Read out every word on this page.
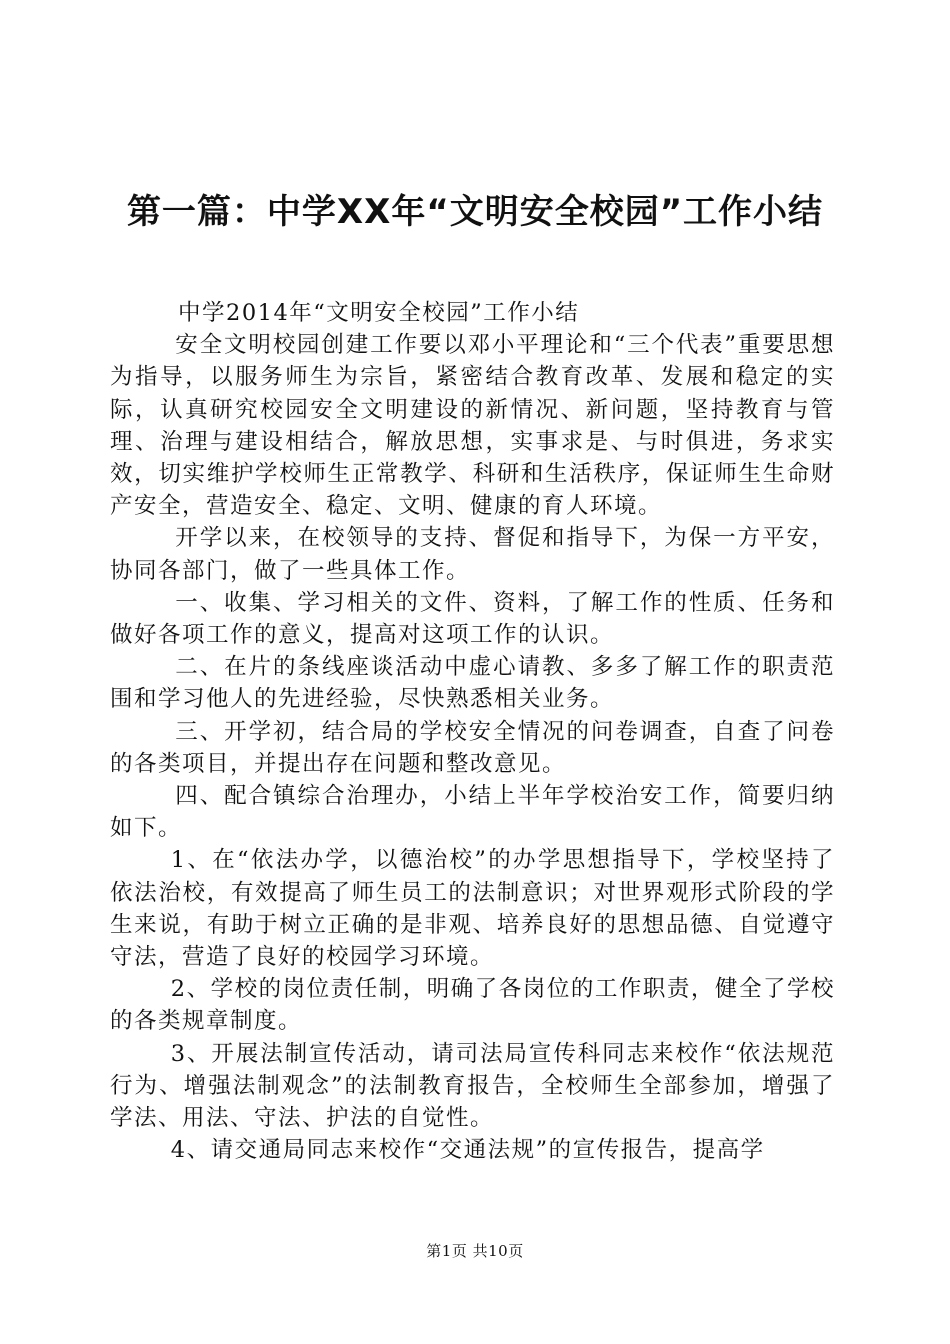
第一篇：中学XX年“文明安全校园”工作小结

中学2014年“文明安全校园”工作小结

安全文明校园创建工作要以邓小平理论和“三个代表”重要思想为指导，以服务师生为宗旨，紧密结合教育改革、发展和稳定的实际，认真研究校园安全文明建设的新情况、新问题，坚持教育与管理、治理与建设相结合，解放思想，实事求是、与时俱进，务求实效，切实维护学校师生正常教学、科研和生活秩序，保证师生生命财产安全，营造安全、稳定、文明、健康的育人环境。

开学以来，在校领导的支持、督促和指导下，为保一方平安，协同各部门，做了一些具体工作。

一、收集、学习相关的文件、资料，了解工作的性质、任务和做好各项工作的意义，提高对这项工作的认识。

二、在片的条线座谈活动中虚心请教、多多了解工作的职责范围和学习他人的先进经验，尽快熟悉相关业务。

三、开学初，结合局的学校安全情况的问卷调查，自查了问卷的各类项目，并提出存在问题和整改意见。

四、配合镇综合治理办，小结上半年学校治安工作，简要归纳如下。

1、在“依法办学，以德治校”的办学思想指导下，学校坚持了依法治校，有效提高了师生员工的法制意识；对世界观形式阶段的学生来说，有助于树立正确的是非观、培养良好的思想品德、自觉遵守守法，营造了良好的校园学习环境。

2、学校的岗位责任制，明确了各岗位的工作职责，健全了学校的各类规章制度。

3、开展法制宣传活动，请司法局宣传科同志来校作“依法规范行为、增强法制观念”的法制教育报告，全校师生全部参加，增强了学法、用法、守法、护法的自觉性。

4、请交通局同志来校作“交通法规”的宣传报告，提高学

第1页 共10页
